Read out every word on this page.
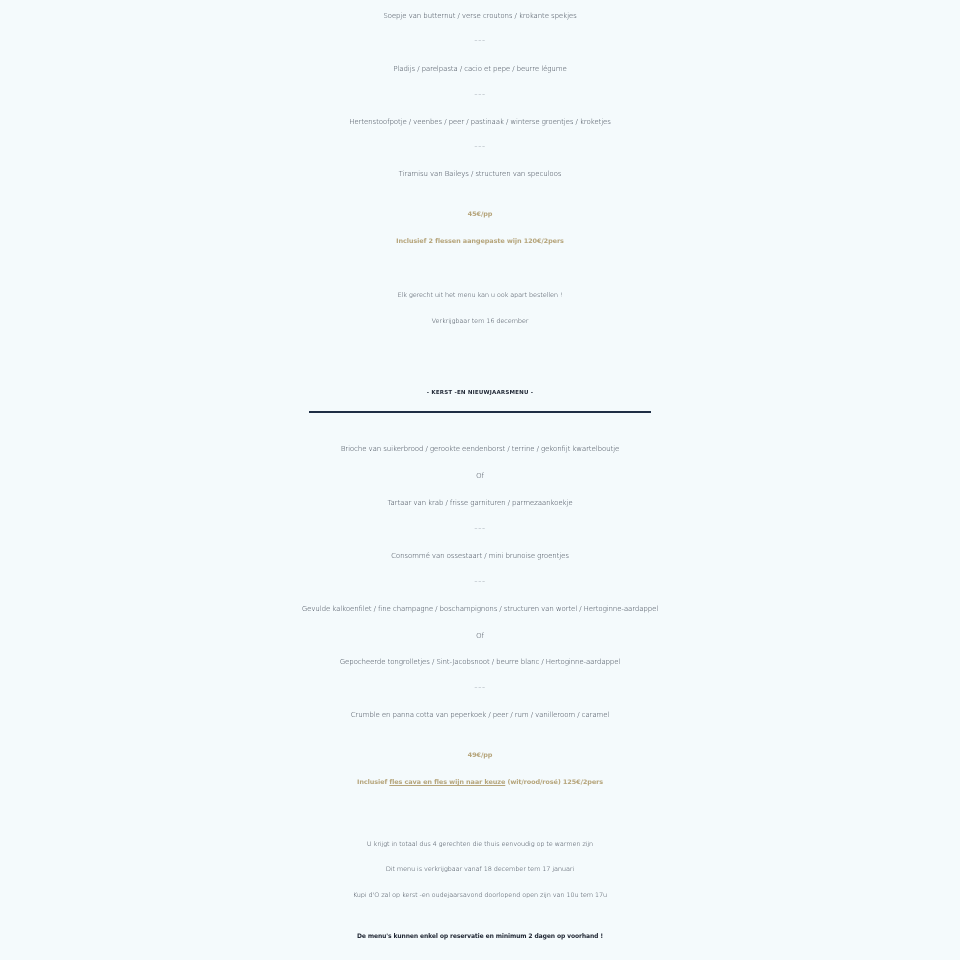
Soepje van butternut / verse croutons / krokante spekjes
~~~
Pladijs / parelpasta / cacio et pepe / beurre légume
~~~
Hertenstoofpotje / veenbes / peer / pastinaak / winterse groentjes / kroketjes
~~~
Tiramisu van Baileys / structuren van speculoos
45€/pp
Inclusief 2 flessen aangepaste wijn 120€/2pers
Elk gerecht uit het menu kan u ook apart bestellen !
Verkrijgbaar tem 16 december
- KERST -EN NIEUWJAARSMENU -
Brioche van suikerbrood / gerookte eendenborst / terrine / gekonfijt kwartelboutje
Of
Tartaar van krab / frisse garnituren / parmezaankoekje
~~~
Consommé van ossestaart / mini brunoise groentjes
~~~
Gevulde kalkoenfilet / fine champagne / boschampignons / structuren van wortel / Hertoginne-aardappel
Of
Gepocheerde tongrolletjes / Sint-Jacobsnoot / beurre blanc / Hertoginne-aardappel
~~~
Crumble en panna cotta van peperkoek / peer / rum / vanilleroom / caramel
49€/pp
Inclusief fles cava en fles wijn naar keuze (wit/rood/rosé) 125€/2pers
U krijgt in totaal dus 4 gerechten die thuis eenvoudig op te warmen zijn
Dit menu is verkrijgbaar vanaf 18 december tem 17 januari
Kupi d'O zal op kerst -en oudejaarsavond doorlopend open zijn van 10u tem 17u
De menu's kunnen enkel op reservatie en minimum 2 dagen op voorhand !
